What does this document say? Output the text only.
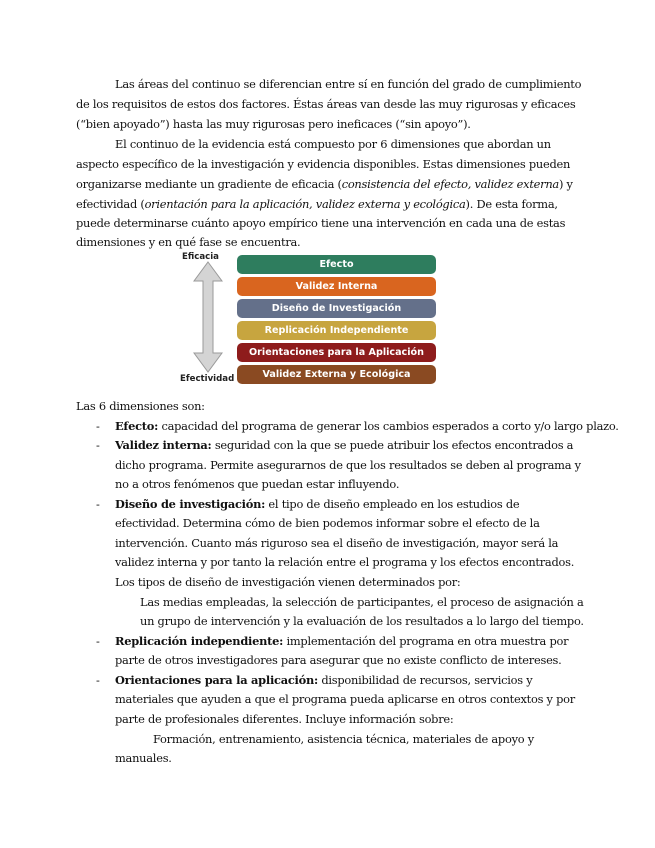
Las áreas del continuo se diferencian entre sí en función del grado de cumplimiento
de los requisitos de estos dos factores. Éstas áreas van desde las muy rigurosas y eficaces
(“bien apoyado”) hasta las muy rigurosas pero ineficaces (“sin apoyo”).
El continuo de la evidencia está compuesto por 6 dimensiones que abordan un
aspecto específico de la investigación y evidencia disponibles. Estas dimensiones pueden
organizarse mediante un gradiente de eficacia (consistencia del efecto, validez externa) y
efectividad (orientación para la aplicación, validez externa y ecológica). De esta forma,
puede determinarse cuánto apoyo empírico tiene una intervención en cada una de estas
dimensiones y en qué fase se encuentra.
Eficacia
Efectividad
Efecto
Validez Interna
Diseño de Investigación
Replicación Independiente
Orientaciones para la Aplicación
Validez Externa y Ecológica
Las 6 dimensiones son:
- Efecto: capacidad del programa de generar los cambios esperados a corto y/o largo plazo.
- Validez interna: seguridad con la que se puede atribuir los efectos encontrados a
dicho programa. Permite asegurarnos de que los resultados se deben al programa y
no a otros fenómenos que puedan estar influyendo.
- Diseño de investigación: el tipo de diseño empleado en los estudios de
efectividad. Determina cómo de bien podemos informar sobre el efecto de la
intervención. Cuanto más riguroso sea el diseño de investigación, mayor será la
validez interna y por tanto la relación entre el programa y los efectos encontrados.
Los tipos de diseño de investigación vienen determinados por:
Las medias empleadas, la selección de participantes, el proceso de asignación a
un grupo de intervención y la evaluación de los resultados a lo largo del tiempo.
- Replicación independiente: implementación del programa en otra muestra por
parte de otros investigadores para asegurar que no existe conflicto de intereses.
- Orientaciones para la aplicación: disponibilidad de recursos, servicios y
materiales que ayuden a que el programa pueda aplicarse en otros contextos y por
parte de profesionales diferentes. Incluye información sobre:
Formación, entrenamiento, asistencia técnica, materiales de apoyo y
manuales.
